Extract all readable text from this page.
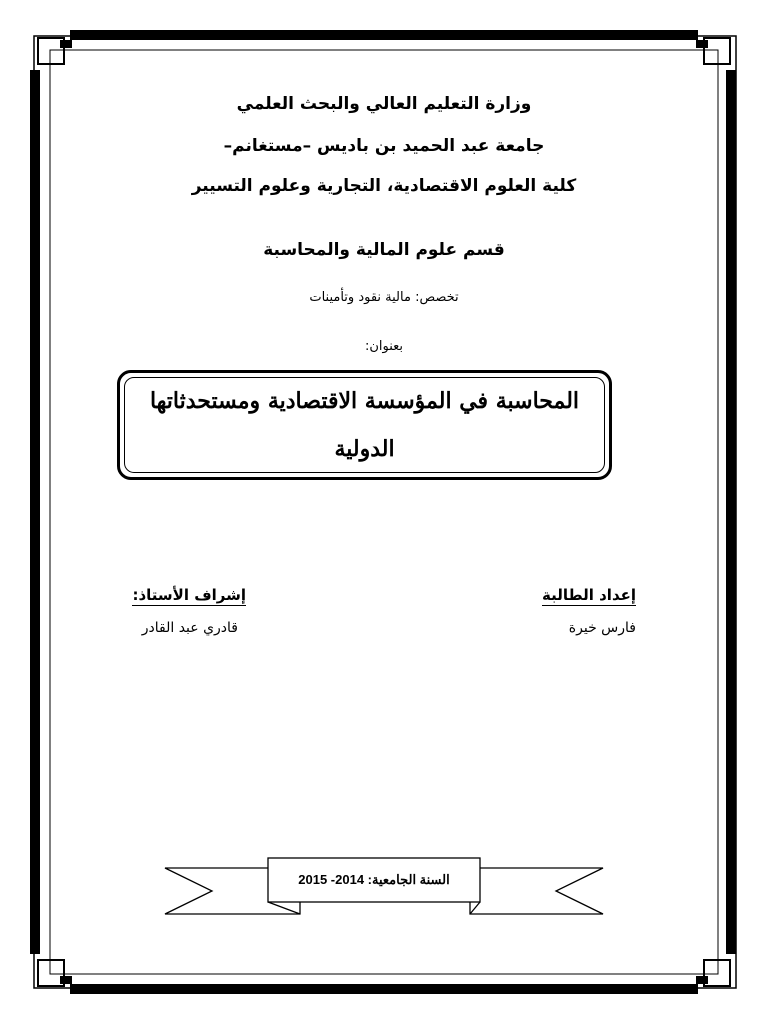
وزارة التعليم العالي والبحث العلمي
جامعة عبد الحميد بن باديس –مستغانم–
كلية العلوم الاقتصادية، التجارية وعلوم التسيير
قسم علوم المالية والمحاسبة
تخصص: مالية نقود وتأمينات
بعنوان:
المحاسبة في المؤسسة الاقتصادية ومستحدثاتها الدولية
إعداد الطالبة
فارس خيرة
إشراف الأستاذ:
قادري عبد القادر
السنة الجامعية: 2014- 2015
